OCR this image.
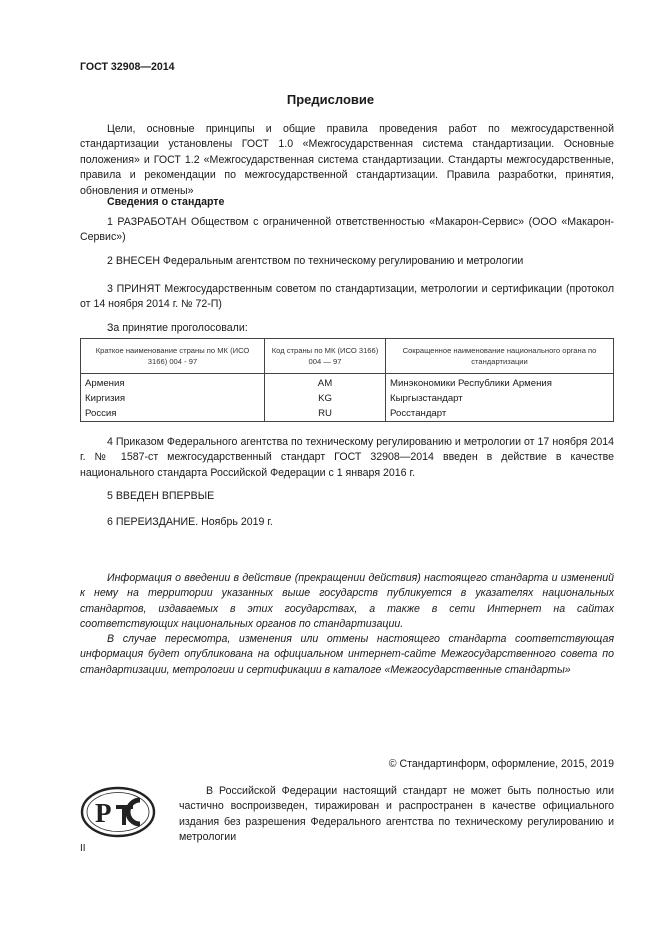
ГОСТ 32908—2014
Предисловие
Цели, основные принципы и общие правила проведения работ по межгосударственной стандартизации установлены ГОСТ 1.0 «Межгосударственная система стандартизации. Основные положения» и ГОСТ 1.2 «Межгосударственная система стандартизации. Стандарты межгосударственные, правила и рекомендации по межгосударственной стандартизации. Правила разработки, принятия, обновления и отмены»
Сведения о стандарте
1 РАЗРАБОТАН Обществом с ограниченной ответственностью «Макарон-Сервис» (ООО «Макарон-Сервис»)
2 ВНЕСЕН Федеральным агентством по техническому регулированию и метрологии
3 ПРИНЯТ Межгосударственным советом по стандартизации, метрологии и сертификации (протокол от 14 ноября 2014 г. № 72-П)
За принятие проголосовали:
Краткое наименование страны по МК (ИСО 3166) 004 - 97	Код страны по МК (ИСО 3166) 004 — 97	Сокращенное наименование национального органа по стандартизации
Армения	AM	Минэкономики Республики Армения
Киргизия	KG	Кыргызстандарт
Россия	RU	Росстандарт
4 Приказом Федерального агентства по техническому регулированию и метрологии от 17 ноября 2014 г. № 1587-ст межгосударственный стандарт ГОСТ 32908—2014 введен в действие в качестве национального стандарта Российской Федерации с 1 января 2016 г.
5 ВВЕДЕН ВПЕРВЫЕ
6 ПЕРЕИЗДАНИЕ. Ноябрь 2019 г.
Информация о введении в действие (прекращении действия) настоящего стандарта и изменений к нему на территории указанных выше государств публикуется в указателях национальных стандартов, издаваемых в этих государствах, а также в сети Интернет на сайтах соответствующих национальных органов по стандартизации.
В случае пересмотра, изменения или отмены настоящего стандарта соответствующая информация будет опубликована на официальном интернет-сайте Межгосударственного совета по стандартизации, метрологии и сертификации в каталоге «Межгосударственные стандарты»
© Стандартинформ, оформление, 2015, 2019
Р
В Российской Федерации настоящий стандарт не может быть полностью или частично воспроизведен, тиражирован и распространен в качестве официального издания без разрешения Федерального агентства по техническому регулированию и метрологии
II
